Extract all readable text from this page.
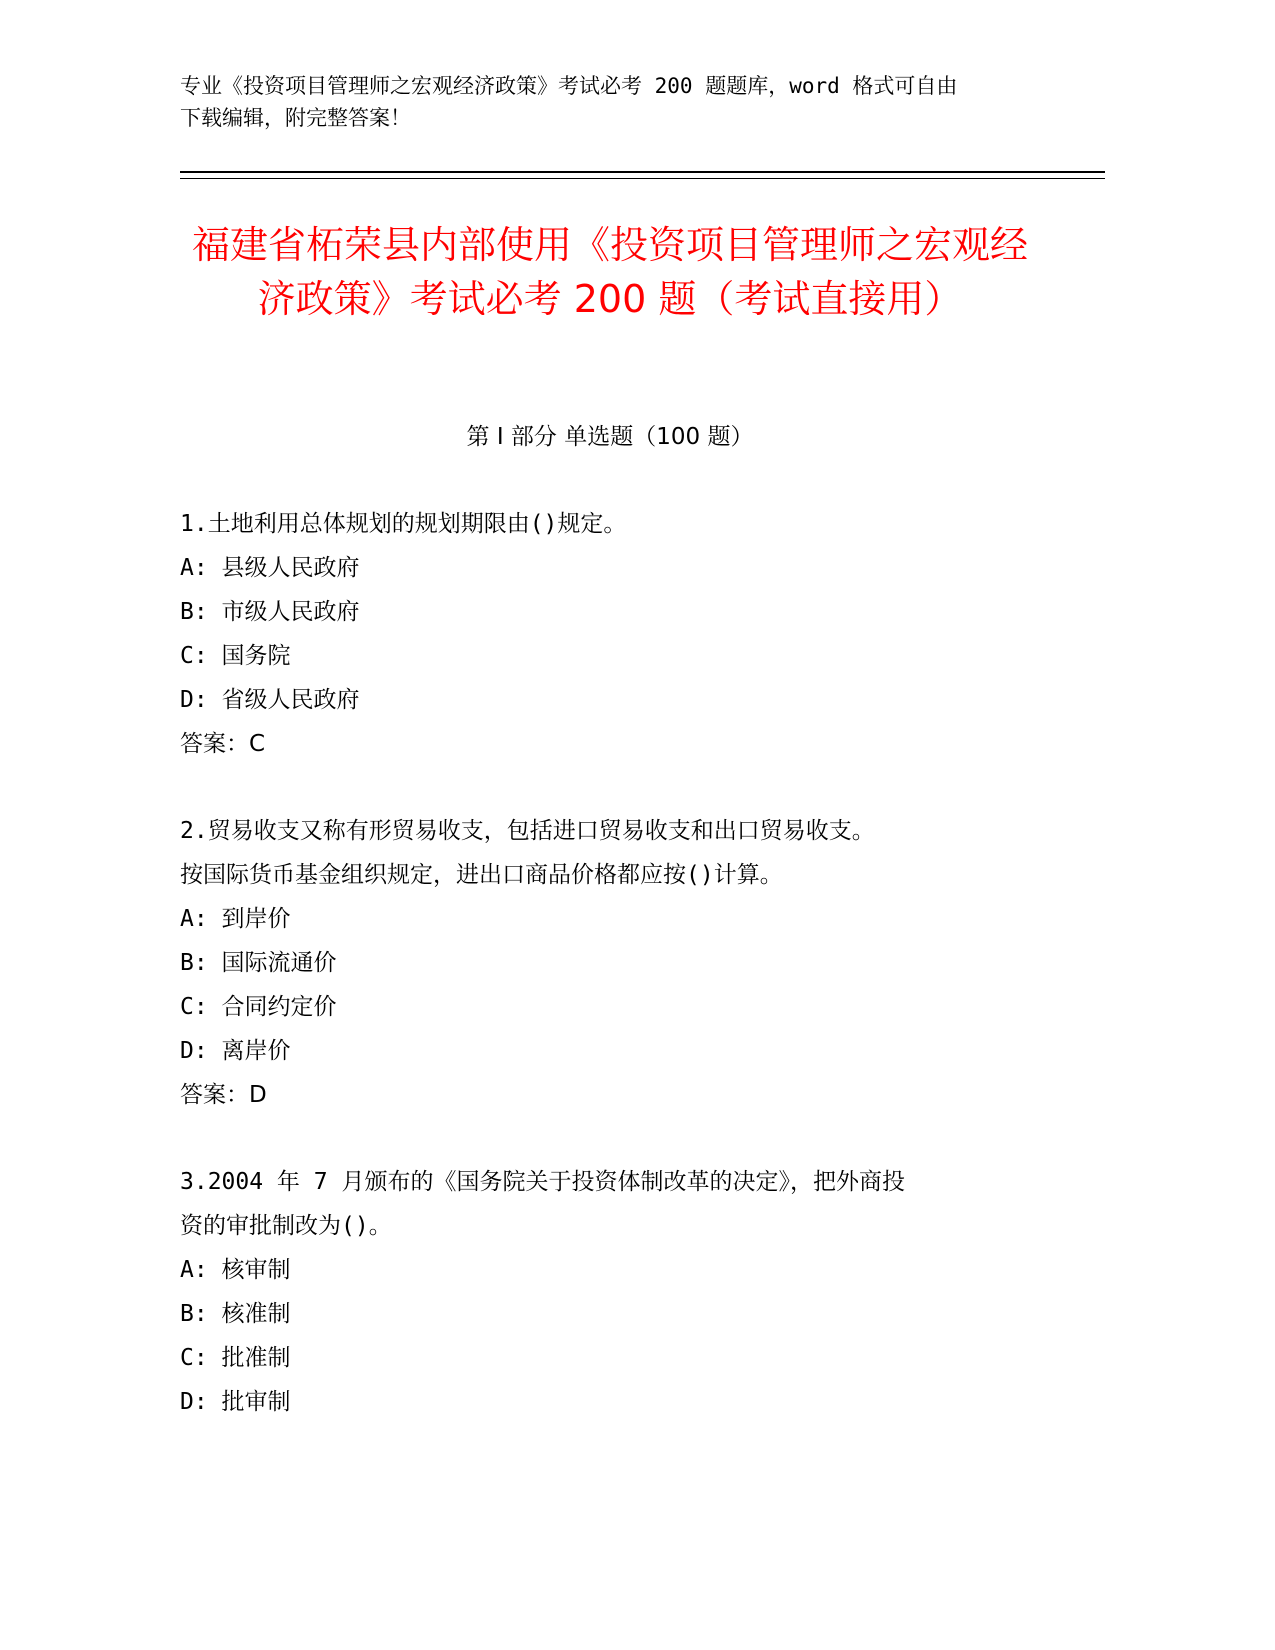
专业《投资项目管理师之宏观经济政策》考试必考 200 题题库，word 格式可自由
下载编辑，附完整答案！
福建省柘荣县内部使用《投资项目管理师之宏观经济政策》考试必考 200 题（考试直接用）
第 I 部分 单选题（100 题）
1.土地利用总体规划的规划期限由()规定。
A: 县级人民政府
B: 市级人民政府
C: 国务院
D: 省级人民政府
答案：C
2.贸易收支又称有形贸易收支，包括进口贸易收支和出口贸易收支。
按国际货币基金组织规定，进出口商品价格都应按()计算。
A: 到岸价
B: 国际流通价
C: 合同约定价
D: 离岸价
答案：D
3.2004 年 7 月颁布的《国务院关于投资体制改革的决定》，把外商投
资的审批制改为()。
A: 核审制
B: 核准制
C: 批准制
D: 批审制
